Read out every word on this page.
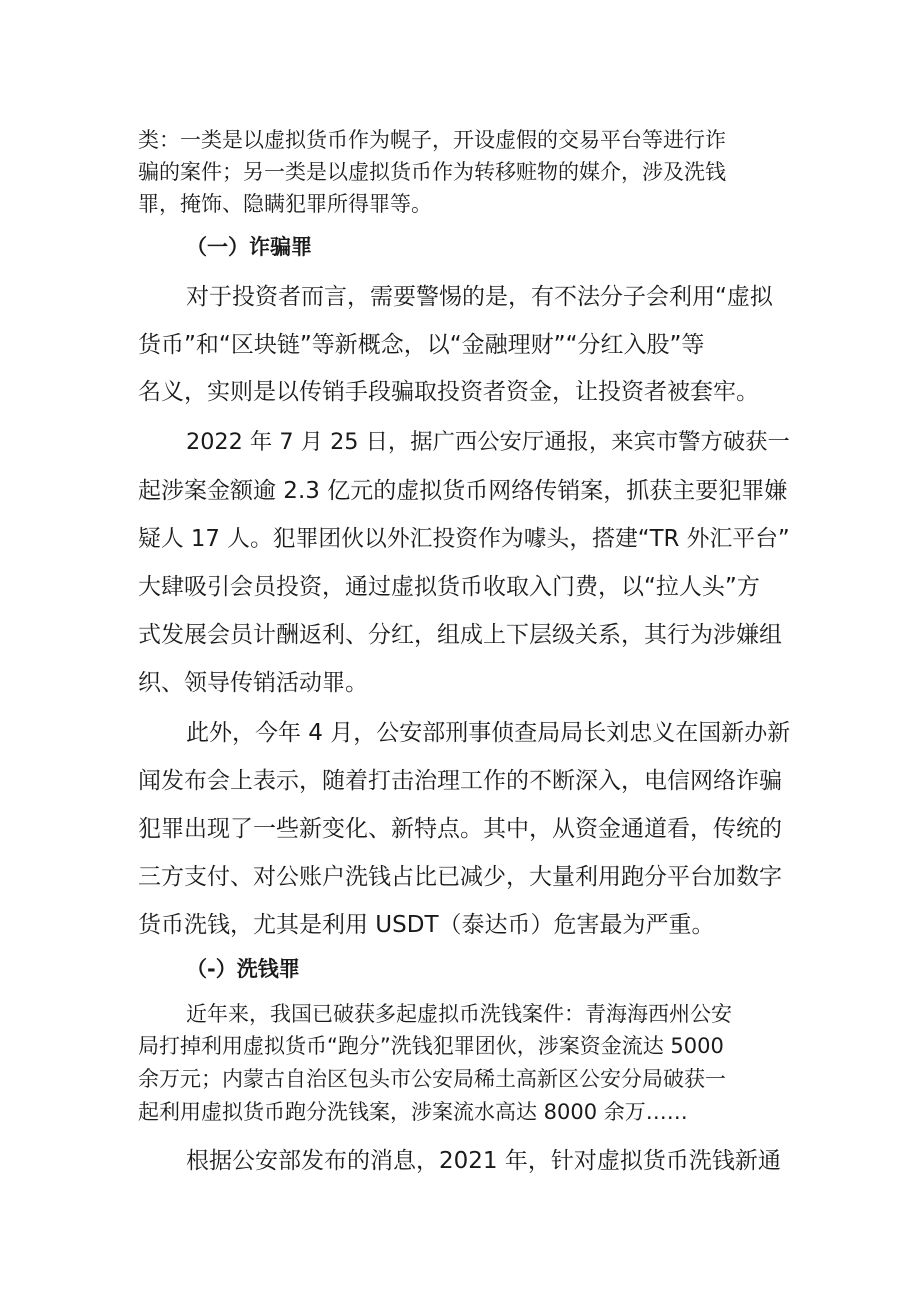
类：一类是以虚拟货币作为幌子，开设虚假的交易平台等进行诈

骗的案件；另一类是以虚拟货币作为转移赃物的媒介，涉及洗钱

罪，掩饰、隐瞒犯罪所得罪等。

（一）诈骗罪

对于投资者而言，需要警惕的是，有不法分子会利用“虚拟

货币”和“区块链”等新概念，以“金融理财”“分红入股”等

名义，实则是以传销手段骗取投资者资金，让投资者被套牢。

2022 年 7 月 25 日，据广西公安厅通报，来宾市警方破获一

起涉案金额逾 2.3 亿元的虚拟货币网络传销案，抓获主要犯罪嫌

疑人 17 人。犯罪团伙以外汇投资作为噱头，搭建“TR 外汇平台”

大肆吸引会员投资，通过虚拟货币收取入门费，以“拉人头”方

式发展会员计酬返利、分红，组成上下层级关系，其行为涉嫌组

织、领导传销活动罪。

此外，今年 4 月，公安部刑事侦查局局长刘忠义在国新办新

闻发布会上表示，随着打击治理工作的不断深入，电信网络诈骗

犯罪出现了一些新变化、新特点。其中，从资金通道看，传统的

三方支付、对公账户洗钱占比已减少，大量利用跑分平台加数字

货币洗钱，尤其是利用 USDT（泰达币）危害最为严重。

（-）洗钱罪

近年来，我国已破获多起虚拟币洗钱案件：青海海西州公安

局打掉利用虚拟货币“跑分”洗钱犯罪团伙，涉案资金流达 5000

余万元；内蒙古自治区包头市公安局稀土高新区公安分局破获一

起利用虚拟货币跑分洗钱案，涉案流水高达 8000 余万……

根据公安部发布的消息，2021 年，针对虚拟货币洗钱新通
